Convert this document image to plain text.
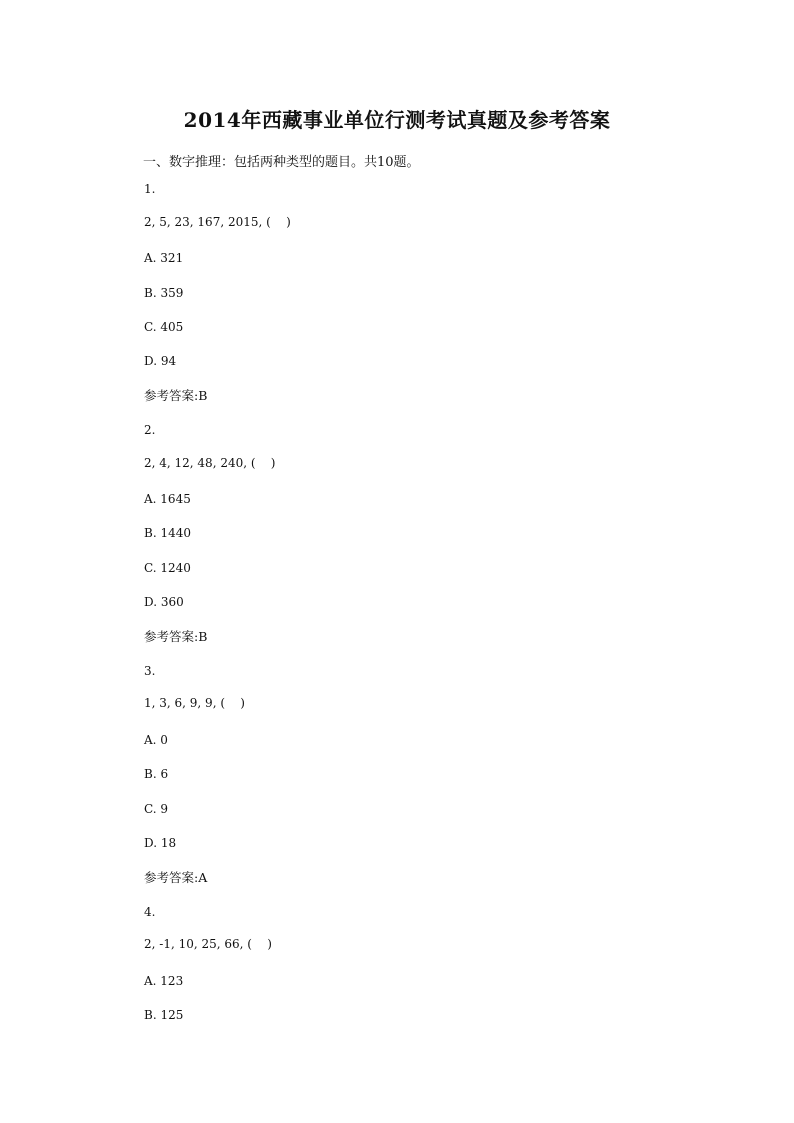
2014年西藏事业单位行测考试真题及参考答案
一、数字推理：包括两种类型的题目。共10题。
1.
2, 5, 23, 167, 2015, (    )
A. 321
B. 359
C. 405
D. 94
参考答案:B
2.
2, 4, 12, 48, 240, (    )
A. 1645
B. 1440
C. 1240
D. 360
参考答案:B
3.
1, 3, 6, 9, 9, (    )
A. 0
B. 6
C. 9
D. 18
参考答案:A
4.
2, -1, 10, 25, 66, (    )
A. 123
B. 125
